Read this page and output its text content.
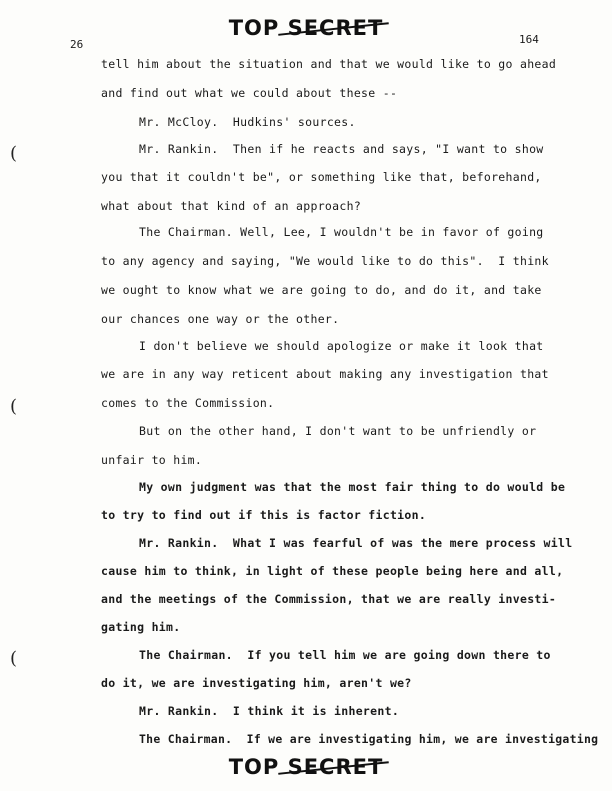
TOP SECRET
26	164
(
(
(
tell him about the situation and that we would like to go ahead
and find out what we could about these --
Mr. McCloy.  Hudkins' sources.
Mr. Rankin.  Then if he reacts and says, "I want to show
you that it couldn't be", or something like that, beforehand,
what about that kind of an approach?
The Chairman. Well, Lee, I wouldn't be in favor of going
to any agency and saying, "We would like to do this".  I think
we ought to know what we are going to do, and do it, and take
our chances one way or the other.
I don't believe we should apologize or make it look that
we are in any way reticent about making any investigation that
comes to the Commission.
But on the other hand, I don't want to be unfriendly or
unfair to him.
My own judgment was that the most fair thing to do would be
to try to find out if this is factor fiction.
Mr. Rankin.  What I was fearful of was the mere process will
cause him to think, in light of these people being here and all,
and the meetings of the Commission, that we are really investi-
gating him.
The Chairman.  If you tell him we are going down there to
do it, we are investigating him, aren't we?
Mr. Rankin.  I think it is inherent.
The Chairman.  If we are investigating him, we are investigating
TOP SECRET
